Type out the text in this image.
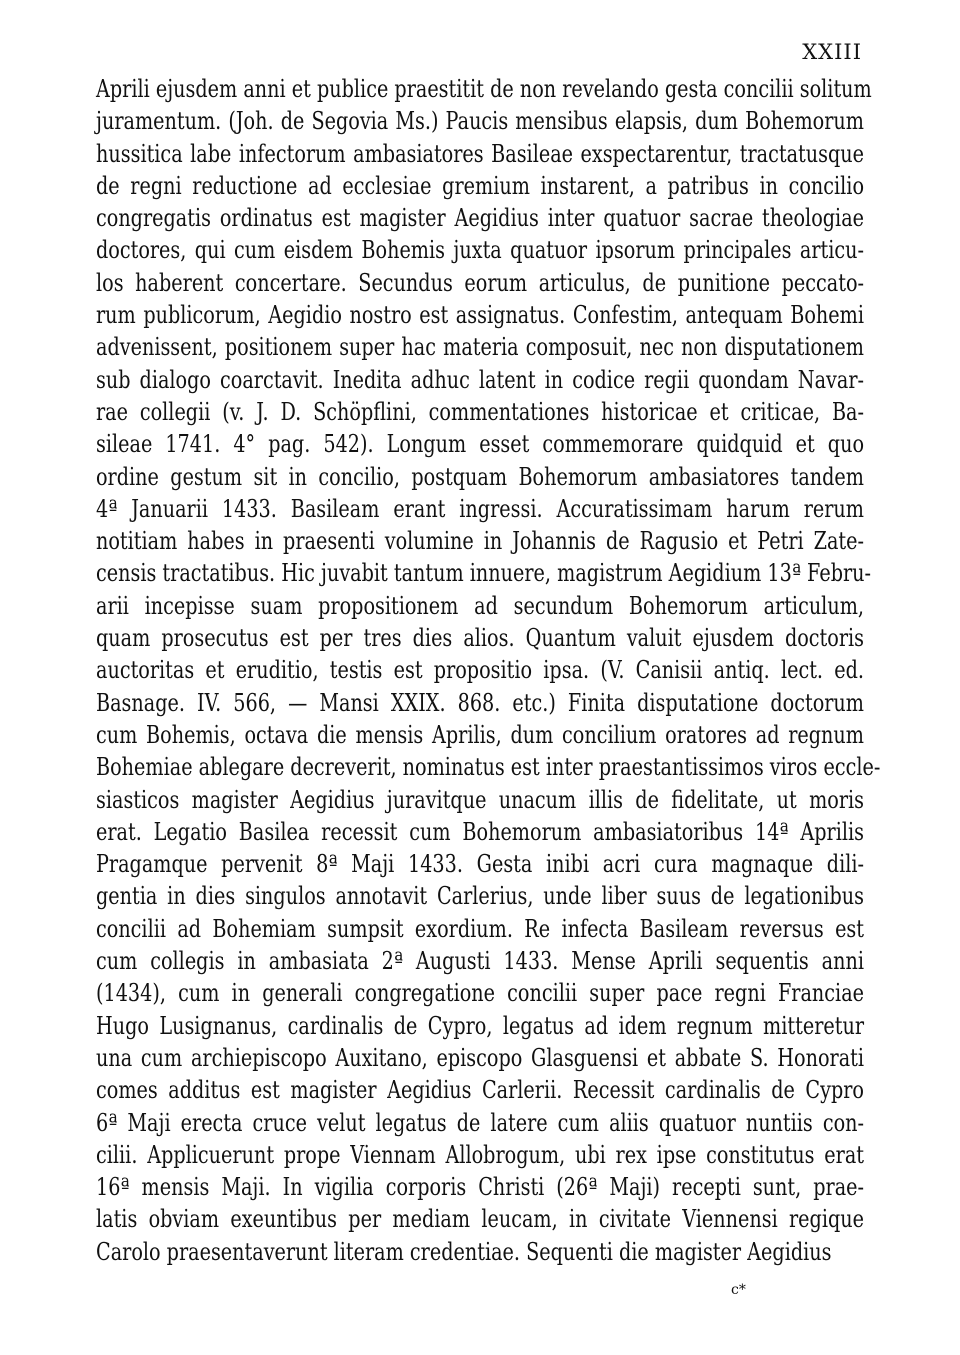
XXIII
Aprili ejusdem anni et publice praestitit de non revelando gesta concilii solitum
juramentum. (Joh. de Segovia Ms.) Paucis mensibus elapsis, dum Bohemorum
hussitica labe infectorum ambasiatores Basileae exspectarentur, tractatusque
de regni reductione ad ecclesiae gremium instarent, a patribus in concilio
congregatis ordinatus est magister Aegidius inter quatuor sacrae theologiae
doctores, qui cum eisdem Bohemis juxta quatuor ipsorum principales articu-
los haberent concertare. Secundus eorum articulus, de punitione peccato-
rum publicorum, Aegidio nostro est assignatus. Confestim, antequam Bohemi
advenissent, positionem super hac materia composuit, nec non disputationem
sub dialogo coarctavit. Inedita adhuc latent in codice regii quondam Navar-
rae collegii (v. J. D. Schöpflini, commentationes historicae et criticae, Ba-
sileae 1741. 4° pag. 542). Longum esset commemorare quidquid et quo
ordine gestum sit in concilio, postquam Bohemorum ambasiatores tandem
4ª Januarii 1433. Basileam erant ingressi. Accuratissimam harum rerum
notitiam habes in praesenti volumine in Johannis de Ragusio et Petri Zate-
censis tractatibus. Hic juvabit tantum innuere, magistrum Aegidium 13ª Febru-
arii incepisse suam propositionem ad secundum Bohemorum articulum,
quam prosecutus est per tres dies alios. Quantum valuit ejusdem doctoris
auctoritas et eruditio, testis est propositio ipsa. (V. Canisii antiq. lect. ed.
Basnage. IV. 566, — Mansi XXIX. 868. etc.) Finita disputatione doctorum
cum Bohemis, octava die mensis Aprilis, dum concilium oratores ad regnum
Bohemiae ablegare decreverit, nominatus est inter praestantissimos viros eccle-
siasticos magister Aegidius juravitque unacum illis de fidelitate, ut moris
erat. Legatio Basilea recessit cum Bohemorum ambasiatoribus 14ª Aprilis
Pragamque pervenit 8ª Maji 1433. Gesta inibi acri cura magnaque dili-
gentia in dies singulos annotavit Carlerius, unde liber suus de legationibus
concilii ad Bohemiam sumpsit exordium. Re infecta Basileam reversus est
cum collegis in ambasiata 2ª Augusti 1433. Mense Aprili sequentis anni
(1434), cum in generali congregatione concilii super pace regni Franciae
Hugo Lusignanus, cardinalis de Cypro, legatus ad idem regnum mitteretur
una cum archiepiscopo Auxitano, episcopo Glasguensi et abbate S. Honorati
comes additus est magister Aegidius Carlerii. Recessit cardinalis de Cypro
6ª Maji erecta cruce velut legatus de latere cum aliis quatuor nuntiis con-
cilii. Applicuerunt prope Viennam Allobrogum, ubi rex ipse constitutus erat
16ª mensis Maji. In vigilia corporis Christi (26ª Maji) recepti sunt, prae-
latis obviam exeuntibus per mediam leucam, in civitate Viennensi regique
Carolo praesentaverunt literam credentiae. Sequenti die magister Aegidius
c*
